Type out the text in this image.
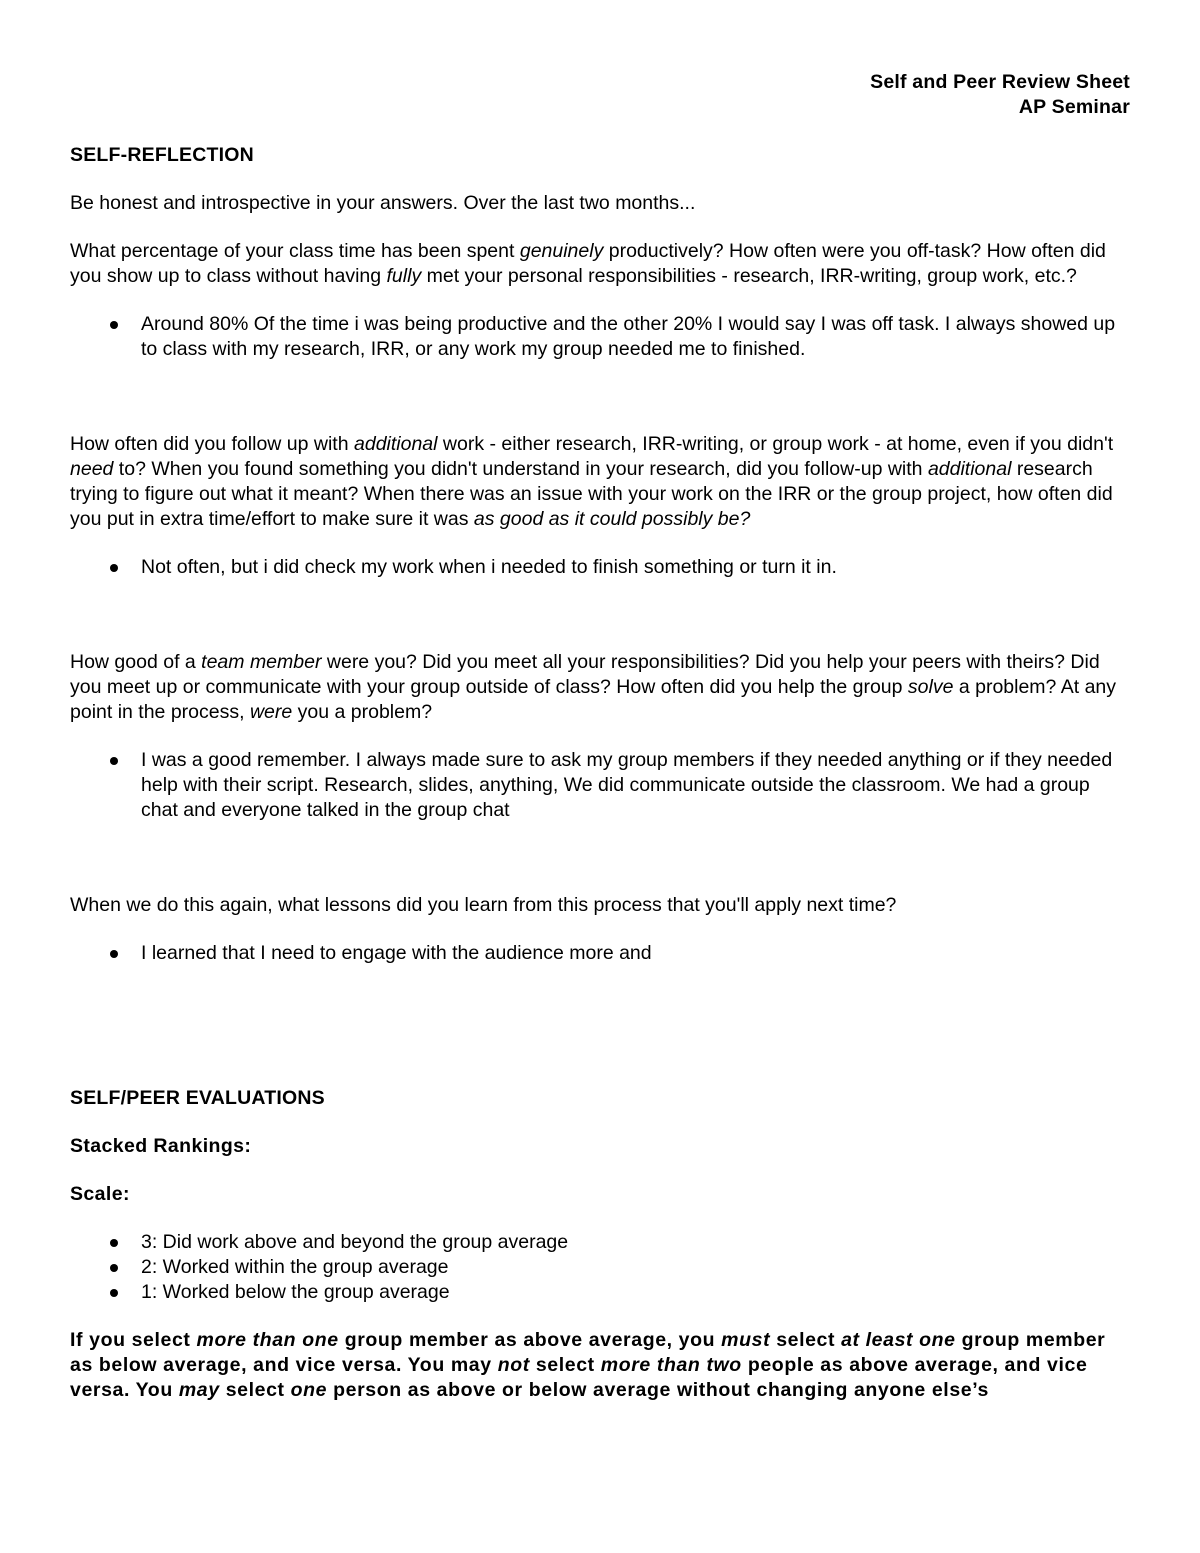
Self and Peer Review Sheet
AP Seminar
SELF-REFLECTION

Be honest and introspective in your answers. Over the last two months...

What percentage of your class time has been spent genuinely productively? How often were you off-task? How often did you show up to class without having fully met your personal responsibilities - research, IRR-writing, group work, etc.?

Around 80% Of the time i was being productive and the other 20% I would say I was off task. I always showed up to class with my research, IRR, or any work my group needed me to finished.

How often did you follow up with additional work - either research, IRR-writing, or group work - at home, even if you didn't need to? When you found something you didn't understand in your research, did you follow-up with additional research trying to figure out what it meant? When there was an issue with your work on the IRR or the group project, how often did you put in extra time/effort to make sure it was as good as it could possibly be?

Not often, but i did check my work when i needed to finish something or turn it in.

How good of a team member were you? Did you meet all your responsibilities? Did you help your peers with theirs? Did you meet up or communicate with your group outside of class? How often did you help the group solve a problem? At any point in the process, were you a problem?

I was a good remember. I always made sure to ask my group members if they needed anything or if they needed help with their script. Research, slides, anything, We did communicate outside the classroom. We had a group chat and everyone talked in the group chat

When we do this again, what lessons did you learn from this process that you'll apply next time?

I learned that I need to engage with the audience more and
SELF/PEER EVALUATIONS

Stacked Rankings:

Scale:

3: Did work above and beyond the group average
2: Worked within the group average
1: Worked below the group average
If you select more than one group member as above average, you must select at least one group member as below average, and vice versa. You may not select more than two people as above average, and vice versa. You may select one person as above or below average without changing anyone else’s
